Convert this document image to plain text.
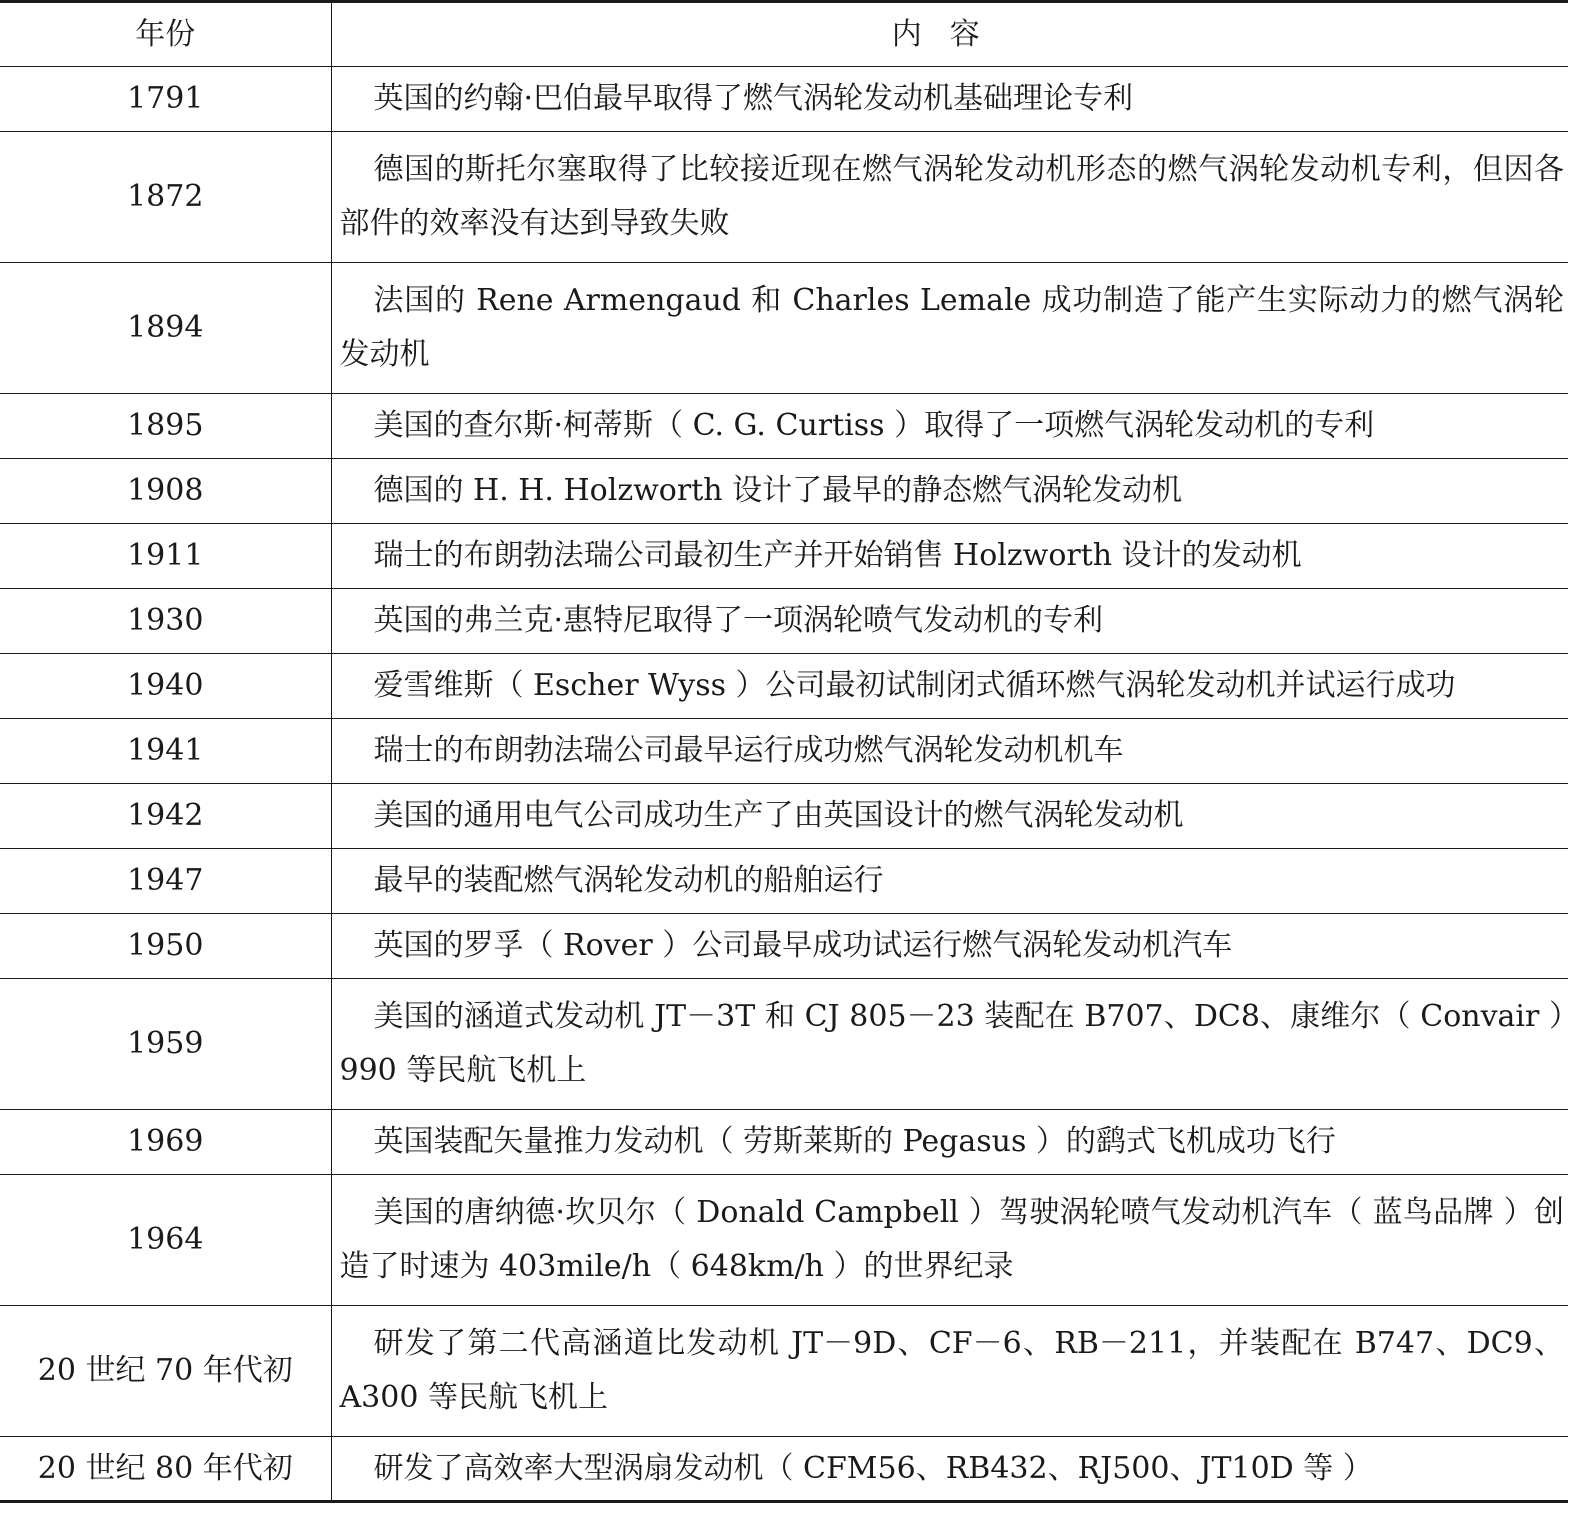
年份	内容
1791	英国的约翰·巴伯最早取得了燃气涡轮发动机基础理论专利
1872	德国的斯托尔塞取得了比较接近现在燃气涡轮发动机形态的燃气涡轮发动机专利，但因各部件的效率没有达到导致失败
1894	法国的 Rene Armengaud 和 Charles Lemale 成功制造了能产生实际动力的燃气涡轮发动机
1895	美国的查尔斯·柯蒂斯（ C. G. Curtiss ）取得了一项燃气涡轮发动机的专利
1908	德国的 H. H. Holzworth 设计了最早的静态燃气涡轮发动机
1911	瑞士的布朗勃法瑞公司最初生产并开始销售 Holzworth 设计的发动机
1930	英国的弗兰克·惠特尼取得了一项涡轮喷气发动机的专利
1940	爱雪维斯（ Escher Wyss ）公司最初试制闭式循环燃气涡轮发动机并试运行成功
1941	瑞士的布朗勃法瑞公司最早运行成功燃气涡轮发动机机车
1942	美国的通用电气公司成功生产了由英国设计的燃气涡轮发动机
1947	最早的装配燃气涡轮发动机的船舶运行
1950	英国的罗孚（ Rover ）公司最早成功试运行燃气涡轮发动机汽车
1959	美国的涵道式发动机 JT－3T 和 CJ 805－23 装配在 B707、DC8、康维尔（ Convair ）990 等民航飞机上
1969	英国装配矢量推力发动机（ 劳斯莱斯的 Pegasus ）的鹞式飞机成功飞行
1964	美国的唐纳德·坎贝尔（ Donald Campbell ）驾驶涡轮喷气发动机汽车（ 蓝鸟品牌 ）创造了时速为 403mile/h（ 648km/h ）的世界纪录
20 世纪 70 年代初	研发了第二代高涵道比发动机 JT－9D、CF－6、RB－211，并装配在 B747、DC9、A300 等民航飞机上
20 世纪 80 年代初	研发了高效率大型涡扇发动机（ CFM56、RB432、RJ500、JT10D 等 ）
